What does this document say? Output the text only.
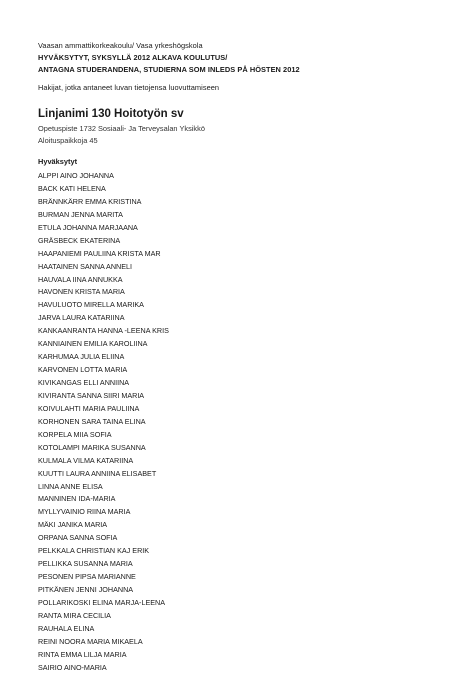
Vaasan ammattikorkeakoulu/ Vasa yrkeshögskola
HYVÄKSYTYT, SYKSYLLÄ 2012 ALKAVA KOULUTUS/
ANTAGNA STUDERANDENA, STUDIERNA SOM INLEDS PÅ HÖSTEN 2012
Hakijat, jotka antaneet luvan tietojensa luovuttamiseen
Linjanimi 130 Hoitotyön sv
Opetuspiste 1732 Sosiaali- Ja Terveysalan Yksikkö
Aloituspaikkoja 45
Hyväksytyt
ALPPI AINO JOHANNA
BACK KATI HELENA
BRÄNNKÄRR EMMA KRISTINA
BURMAN JENNA MARITA
ETULA JOHANNA MARJAANA
GRÄSBECK EKATERINA
HAAPANIEMI PAULIINA KRISTA MAR
HAATAINEN SANNA ANNELI
HAUVALA IINA ANNUKKA
HAVONEN KRISTA MARIA
HAVULUOTO MIRELLA MARIKA
JARVA LAURA KATARIINA
KANKAANRANTA HANNA -LEENA KRIS
KANNIAINEN EMILIA KAROLIINA
KARHUMAA JULIA ELIINA
KARVONEN LOTTA MARIA
KIVIKANGAS ELLI ANNIINA
KIVIRANTA SANNA SIIRI MARIA
KOIVULAHTI MARIA PAULIINA
KORHONEN SARA TAINA ELINA
KORPELA MIIA SOFIA
KOTOLAMPI MARIKA SUSANNA
KULMALA VILMA KATARIINA
KUUTTI LAURA ANNIINA ELISABET
LINNA ANNE ELISA
MANNINEN IDA-MARIA
MYLLYVAINIO RIINA MARIA
MÄKI JANIKA MARIA
ORPANA SANNA SOFIA
PELKKALA CHRISTIAN KAJ ERIK
PELLIKKA SUSANNA MARIA
PESONEN PIPSA MARIANNE
PITKÄNEN JENNI JOHANNA
POLLARIKOSKI ELINA MARJA-LEENA
RANTA MIRA CECILIA
RAUHALA ELINA
REINI NOORA MARIA MIKAELA
RINTA EMMA LILJA MARIA
SAIRIO AINO-MARIA
